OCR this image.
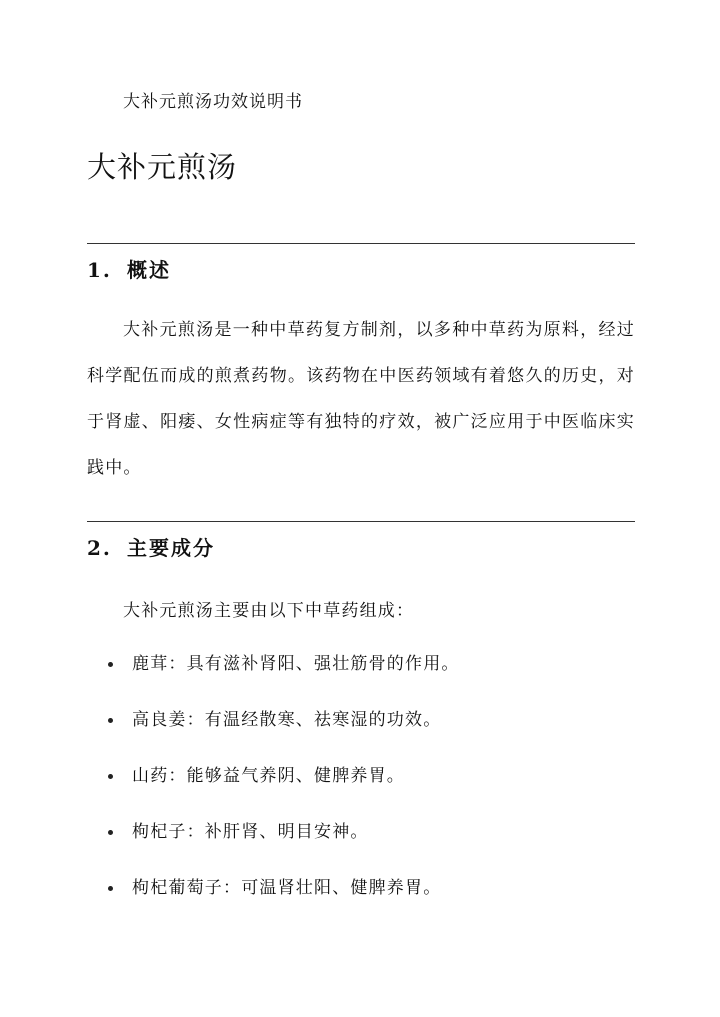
大补元煎汤功效说明书

大补元煎汤
1. 概述

大补元煎汤是一种中草药复方制剂，以多种中草药为原料，经过科学配伍而成的煎煮药物。该药物在中医药领域有着悠久的历史，对于肾虚、阳痿、女性病症等有独特的疗效，被广泛应用于中医临床实践中。

2. 主要成分

大补元煎汤主要由以下中草药组成：

鹿茸：具有滋补肾阳、强壮筋骨的作用。
高良姜：有温经散寒、祛寒湿的功效。
山药：能够益气养阴、健脾养胃。
枸杞子：补肝肾、明目安神。
枸杞葡萄子：可温肾壮阳、健脾养胃。
